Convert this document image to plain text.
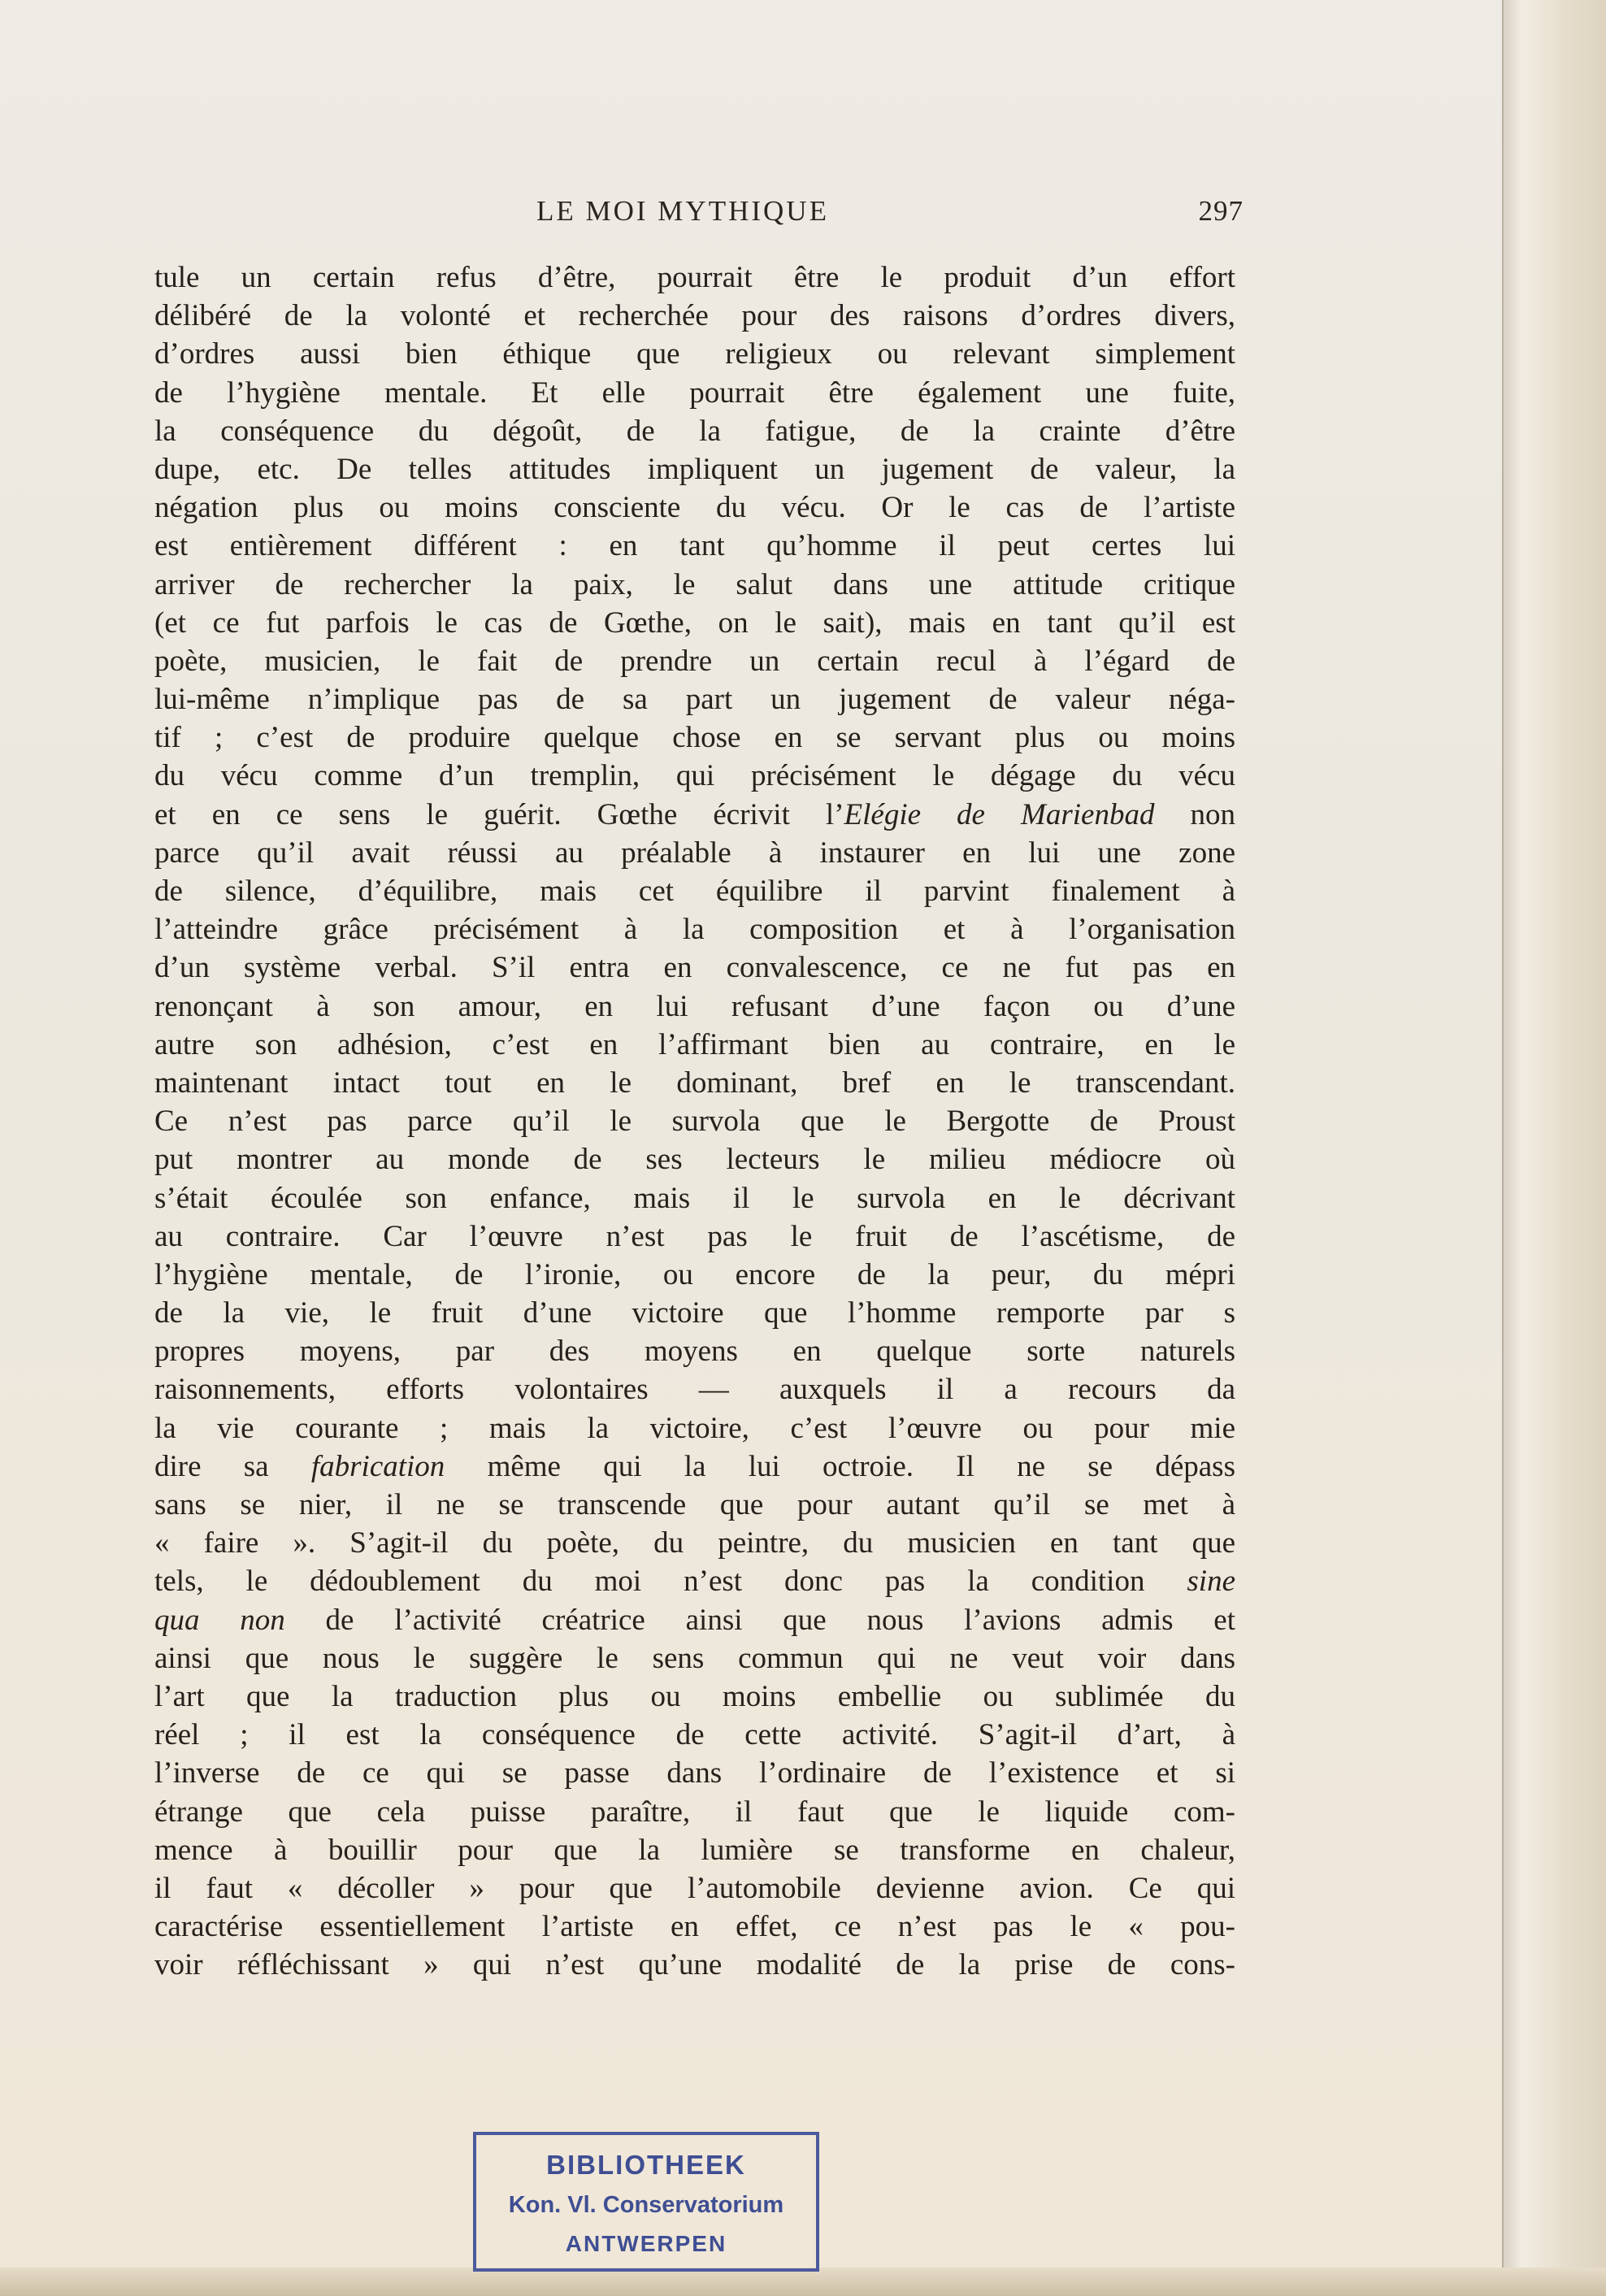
LE MOI MYTHIQUE	297
tule un certain refus d’être, pourrait être le produit d’un effort
délibéré de la volonté et recherchée pour des raisons d’ordres divers,
d’ordres aussi bien éthique que religieux ou relevant simplement
de l’hygiène mentale. Et elle pourrait être également une fuite,
la conséquence du dégoût, de la fatigue, de la crainte d’être
dupe, etc. De telles attitudes impliquent un jugement de valeur, la
négation plus ou moins consciente du vécu. Or le cas de l’artiste
est entièrement différent : en tant qu’homme il peut certes lui
arriver de rechercher la paix, le salut dans une attitude critique
(et ce fut parfois le cas de Gœthe, on le sait), mais en tant qu’il est
poète, musicien, le fait de prendre un certain recul à l’égard de
lui-même n’implique pas de sa part un jugement de valeur néga-
tif ; c’est de produire quelque chose en se servant plus ou moins
du vécu comme d’un tremplin, qui précisément le dégage du vécu
et en ce sens le guérit. Gœthe écrivit l’Elégie de Marienbad non
parce qu’il avait réussi au préalable à instaurer en lui une zone
de silence, d’équilibre, mais cet équilibre il parvint finalement à
l’atteindre grâce précisément à la composition et à l’organisation
d’un système verbal. S’il entra en convalescence, ce ne fut pas en
renonçant à son amour, en lui refusant d’une façon ou d’une
autre son adhésion, c’est en l’affirmant bien au contraire, en le
maintenant intact tout en le dominant, bref en le transcendant.
Ce n’est pas parce qu’il le survola que le Bergotte de Proust
put montrer au monde de ses lecteurs le milieu médiocre où
s’était écoulée son enfance, mais il le survola en le décrivant
au contraire. Car l’œuvre n’est pas le fruit de l’ascétisme, de
l’hygiène mentale, de l’ironie, ou encore de la peur, du mépri
de la vie, le fruit d’une victoire que l’homme remporte par s
propres moyens, par des moyens en quelque sorte naturels
raisonnements, efforts volontaires — auxquels il a recours da
la vie courante ; mais la victoire, c’est l’œuvre ou pour mie
dire sa fabrication même qui la lui octroie. Il ne se dépass
sans se nier, il ne se transcende que pour autant qu’il se met à
« faire ». S’agit-il du poète, du peintre, du musicien en tant que
tels, le dédoublement du moi n’est donc pas la condition sine
qua non de l’activité créatrice ainsi que nous l’avions admis et
ainsi que nous le suggère le sens commun qui ne veut voir dans
l’art que la traduction plus ou moins embellie ou sublimée du
réel ; il est la conséquence de cette activité. S’agit-il d’art, à
l’inverse de ce qui se passe dans l’ordinaire de l’existence et si
étrange que cela puisse paraître, il faut que le liquide com-
mence à bouillir pour que la lumière se transforme en chaleur,
il faut « décoller » pour que l’automobile devienne avion. Ce qui
caractérise essentiellement l’artiste en effet, ce n’est pas le « pou-
voir réfléchissant » qui n’est qu’une modalité de la prise de cons-
BIBLIOTHEEK
Kon. Vl. Conservatorium
ANTWERPEN
